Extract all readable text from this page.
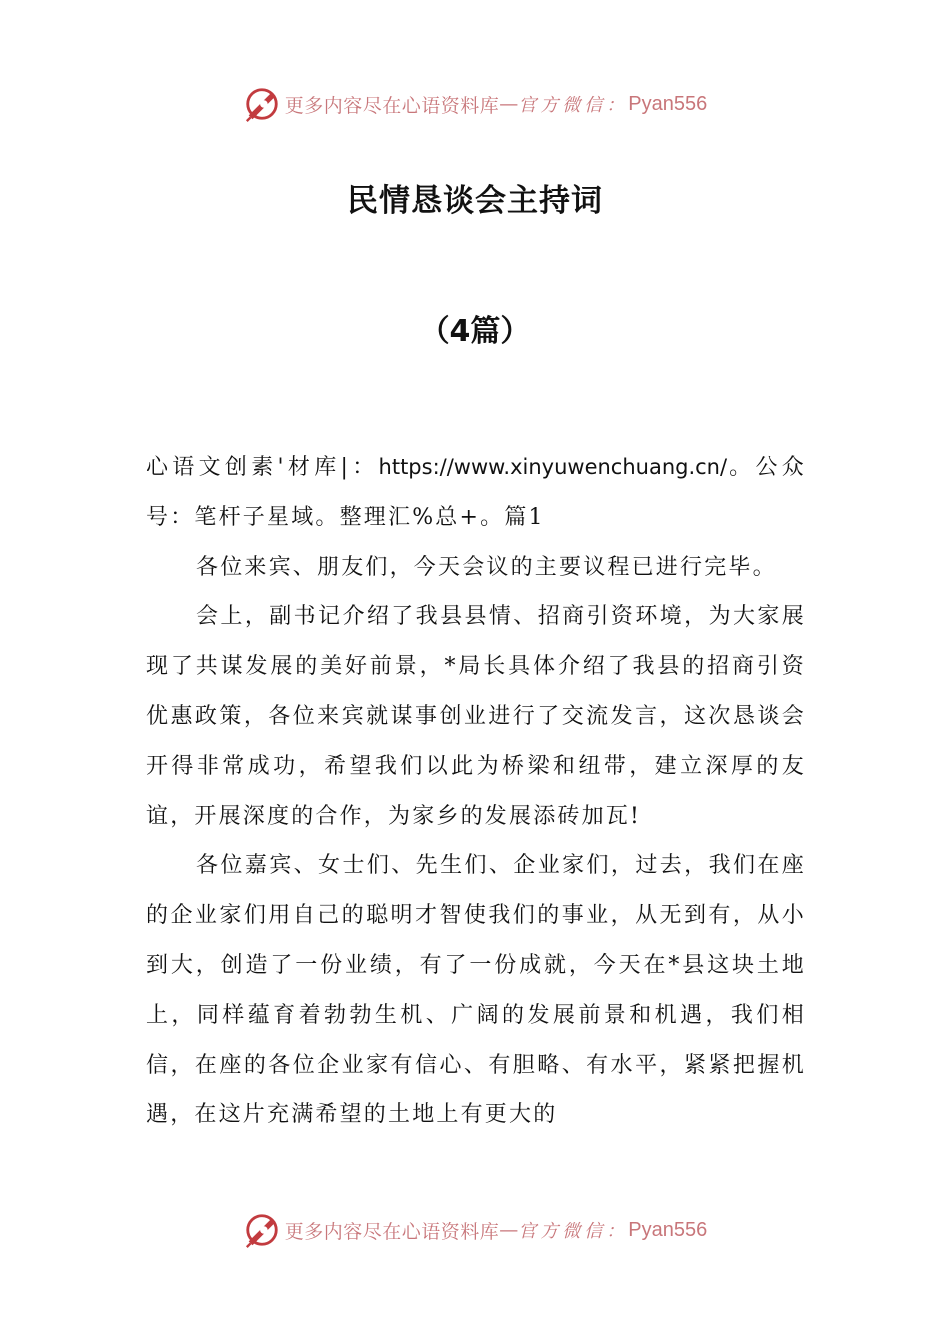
更多内容尽在心语资料库 — 官方微信： Pyan556
民情恳谈会主持词
（4篇）

心语文创素'材库|：https://www.xinyuwenchuang.cn/。公众号：笔杆子星域。整理汇%总+。篇1

各位来宾、朋友们，今天会议的主要议程已进行完毕。

会上，副书记介绍了我县县情、招商引资环境，为大家展现了共谋发展的美好前景，*局长具体介绍了我县的招商引资优惠政策，各位来宾就谋事创业进行了交流发言，这次恳谈会开得非常成功，希望我们以此为桥梁和纽带，建立深厚的友谊，开展深度的合作，为家乡的发展添砖加瓦!

各位嘉宾、女士们、先生们、企业家们，过去，我们在座的企业家们用自己的聪明才智使我们的事业，从无到有，从小到大，创造了一份业绩，有了一份成就，今天在*县这块土地上，同样蕴育着勃勃生机、广阔的发展前景和机遇，我们相信，在座的各位企业家有信心、有胆略、有水平，紧紧把握机遇，在这片充满希望的土地上有更大的

更多内容尽在心语资料库 — 官方微信： Pyan556
